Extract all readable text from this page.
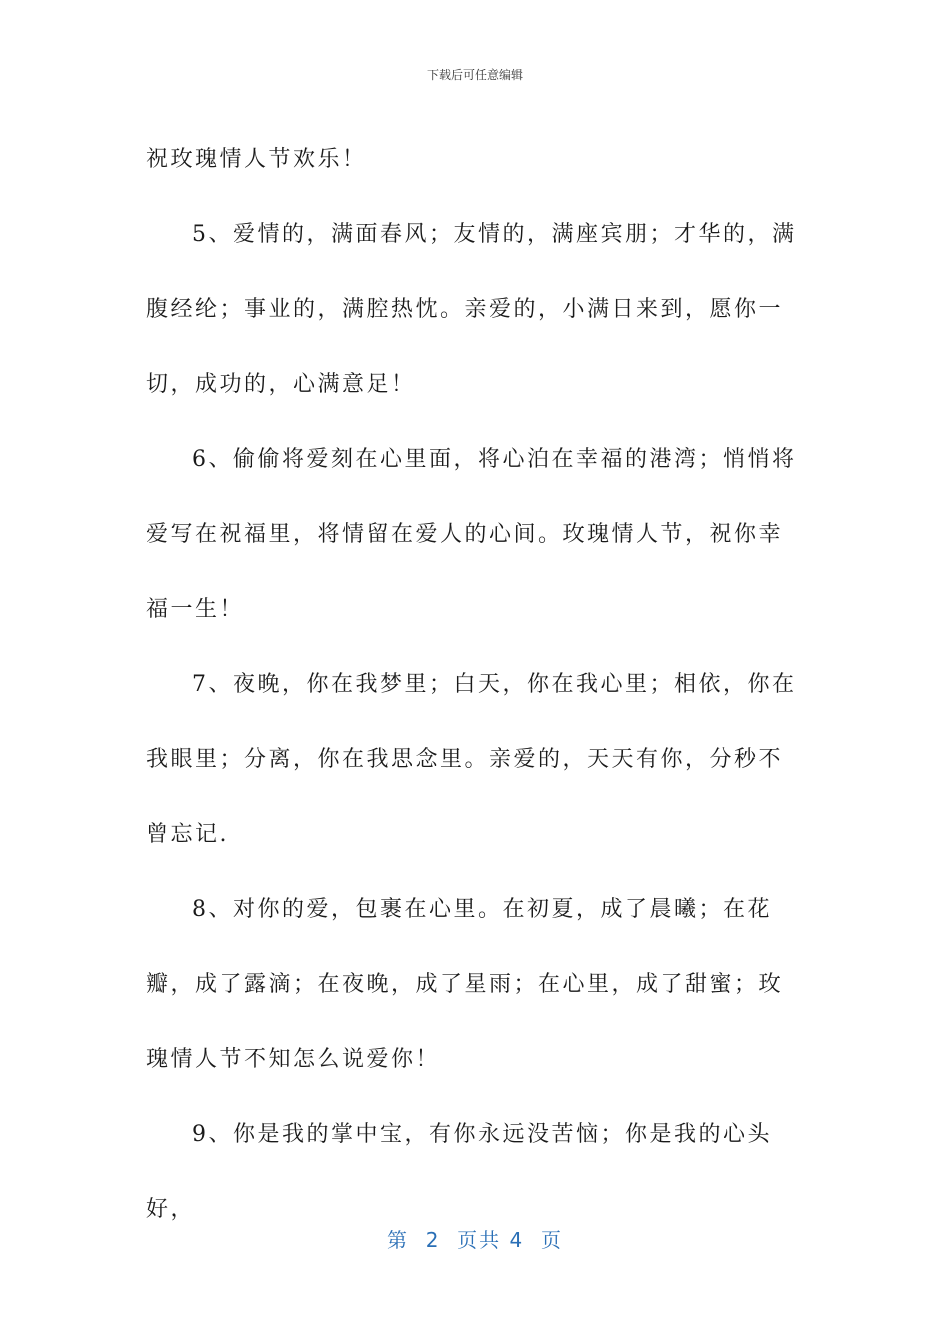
下载后可任意编辑

祝玫瑰情人节欢乐！

5、爱情的，满面春风；友情的，满座宾朋；才华的，满腹经纶；事业的，满腔热忱。亲爱的，小满日来到，愿你一切，成功的，心满意足！

6、偷偷将爱刻在心里面，将心泊在幸福的港湾；悄悄将爱写在祝福里，将情留在爱人的心间。玫瑰情人节，祝你幸福一生！

7、夜晚，你在我梦里；白天，你在我心里；相依，你在我眼里；分离，你在我思念里。亲爱的，天天有你，分秒不曾忘记.

8、对你的爱，包裹在心里。在初夏，成了晨曦；在花瓣，成了露滴；在夜晚，成了星雨；在心里，成了甜蜜；玫瑰情人节不知怎么说爱你！

9、你是我的掌中宝，有你永远没苦恼；你是我的心头好，

第 2 页共 4 页
